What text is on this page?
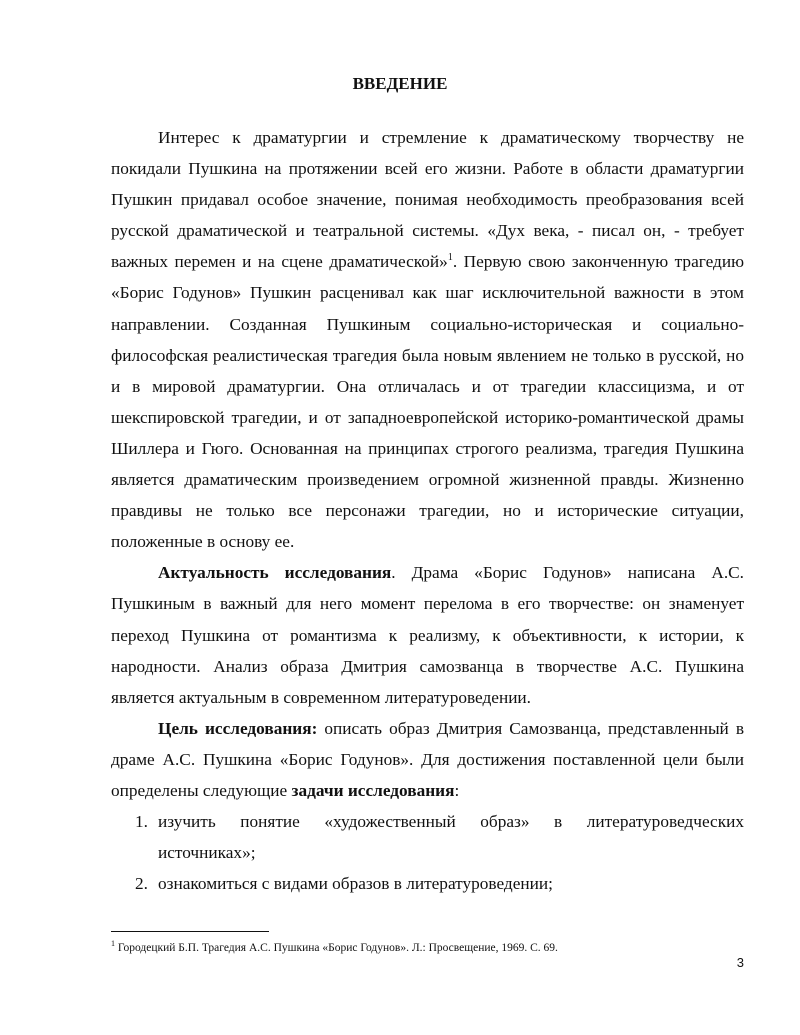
ВВЕДЕНИЕ

Интерес к драматургии и стремление к драматическому творчеству не покидали Пушкина на протяжении всей его жизни. Работе в области драматургии Пушкин придавал особое значение, понимая необходимость преобразования всей русской драматической и театральной системы. «Дух века, - писал он, - требует важных перемен и на сцене драматической»$^1$. Первую свою законченную трагедию «Борис Годунов» Пушкин расценивал как шаг исключительной важности в этом направлении. Созданная Пушкиным социально-историческая и социально-философская реалистическая трагедия была новым явлением не только в русской, но и в мировой драматургии. Она отличалась и от трагедии классицизма, и от шекспировской трагедии, и от западноевропейской историко-романтической драмы Шиллера и Гюго. Основанная на принципах строгого реализма, трагедия Пушкина является драматическим произведением огромной жизненной правды. Жизненно правдивы не только все персонажи трагедии, но и исторические ситуации, положенные в основу ее.

Актуальность исследования. Драма «Борис Годунов» написана А.С. Пушкиным в важный для него момент перелома в его творчестве: он знаменует переход Пушкина от романтизма к реализму, к объективности, к истории, к народности. Анализ образа Дмитрия самозванца в творчестве А.С. Пушкина является актуальным в современном литературоведении.

Цель исследования: описать образ Дмитрия Самозванца, представленный в драме А.С. Пушкина «Борис Годунов». Для достижения поставленной цели были определены следующие задачи исследования:

1. изучить понятие «художественный образ» в литературоведческих источниках»;
2. ознакомиться с видами образов в литературоведении;
$^1$ Городецкий Б.П. Трагедия А.С. Пушкина «Борис Годунов». Л.: Просвещение, 1969. С. 69.
3
